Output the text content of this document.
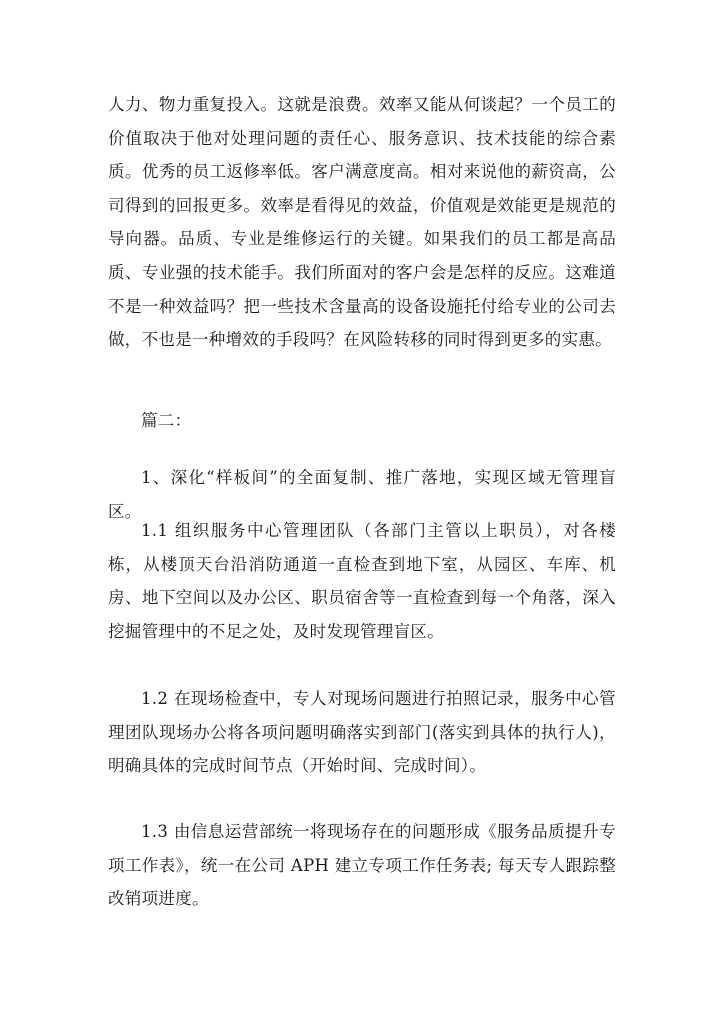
人力、物力重复投入。这就是浪费。效率又能从何谈起？一个员工的价值取决于他对处理问题的责任心、服务意识、技术技能的综合素质。优秀的员工返修率低。客户满意度高。相对来说他的薪资高，公司得到的回报更多。效率是看得见的效益，价值观是效能更是规范的导向器。品质、专业是维修运行的关键。如果我们的员工都是高品质、专业强的技术能手。我们所面对的客户会是怎样的反应。这难道不是一种效益吗？把一些技术含量高的设备设施托付给专业的公司去做，不也是一种增效的手段吗？在风险转移的同时得到更多的实惠。

篇二：

1、深化“样板间”的全面复制、推广落地，实现区域无管理盲区。

1.1 组织服务中心管理团队（各部门主管以上职员），对各楼栋，从楼顶天台沿消防通道一直检查到地下室，从园区、车库、机房、地下空间以及办公区、职员宿舍等一直检查到每一个角落，深入挖掘管理中的不足之处，及时发现管理盲区。

1.2 在现场检查中，专人对现场问题进行拍照记录，服务中心管理团队现场办公将各项问题明确落实到部门(落实到具体的执行人)，明确具体的完成时间节点（开始时间、完成时间）。

1.3 由信息运营部统一将现场存在的问题形成《服务品质提升专项工作表》，统一在公司 APH 建立专项工作任务表; 每天专人跟踪整改销项进度。
